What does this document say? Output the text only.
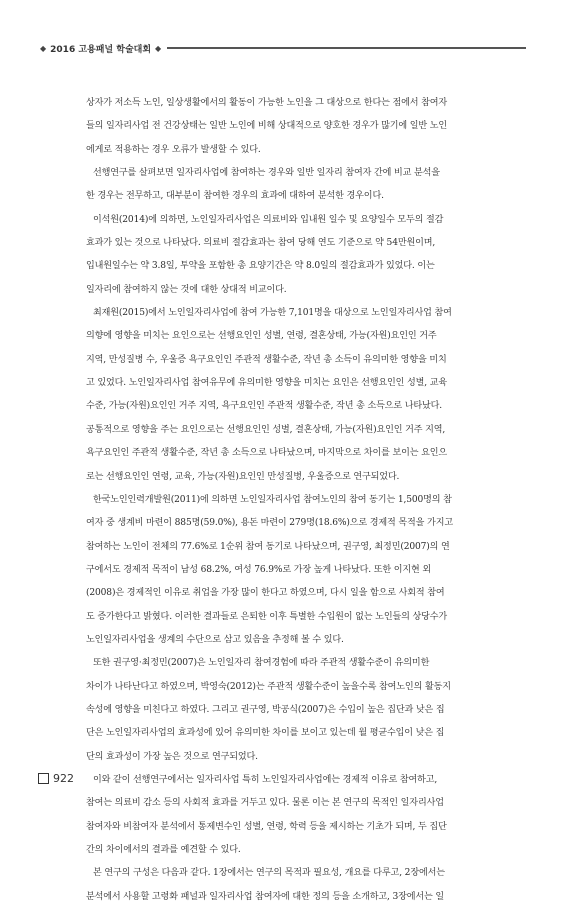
◆ 2016 고용패널 학술대회 ◆
상자가 저소득 노인, 일상생활에서의 활동이 가능한 노인을 그 대상으로 한다는 점에서 참여자
들의 일자리사업 전 건강상태는 일반 노인에 비해 상대적으로 양호한 경우가 많기에 일반 노인
에게로 적용하는 경우 오류가 발생할 수 있다.
선행연구를 살펴보면 일자리사업에 참여하는 경우와 일반 일자리 참여자 간에 비교 분석을
한 경우는 전무하고, 대부분이 참여한 경우의 효과에 대하여 분석한 경우이다.
이석원(2014)에 의하면, 노인일자리사업은 의료비와 입내원 일수 및 요양일수 모두의 절감
효과가 있는 것으로 나타났다. 의료비 절감효과는 참여 당해 연도 기준으로 약 54만원이며,
입내원일수는 약 3.8일, 투약을 포함한 총 요양기간은 약 8.0일의 절감효과가 있었다. 이는
일자리에 참여하지 않는 것에 대한 상대적 비교이다.
최재원(2015)에서 노인일자리사업에 참여 가능한 7,101명을 대상으로 노인일자리사업 참여
의향에 영향을 미치는 요인으로는 선행요인인 성별, 연령, 결혼상태, 가능(자원)요인인 거주
지역, 만성질병 수, 우울증 욕구요인인 주관적 생활수준, 작년 총 소득이 유의미한 영향을 미치
고 있었다. 노인일자리사업 참여유무에 유의미한 영향을 미치는 요인은 선행요인인 성별, 교육
수준, 가능(자원)요인인 거주 지역, 욕구요인인 주관적 생활수준, 작년 총 소득으로 나타났다.
공통적으로 영향을 주는 요인으로는 선행요인인 성별, 결혼상태, 가능(자원)요인인 거주 지역,
욕구요인인 주관적 생활수준, 작년 총 소득으로 나타났으며, 마지막으로 차이를 보이는 요인으
로는 선행요인인 연령, 교육, 가능(자원)요인인 만성질병, 우울증으로 연구되었다.
한국노인인력개발원(2011)에 의하면 노인일자리사업 참여노인의 참여 동기는 1,500명의 참
여자 중 생계비 마련이 885명(59.0%), 용돈 마련이 279명(18.6%)으로 경제적 목적을 가지고
참여하는 노인이 전체의 77.6%로 1순위 참여 동기로 나타났으며, 권구영, 최정민(2007)의 연
구에서도 경제적 목적이 남성 68.2%, 여성 76.9%로 가장 높게 나타났다. 또한 이지현 외
(2008)은 경제적인 이유로 취업을 가장 많이 한다고 하였으며, 다시 일을 함으로 사회적 참여
도 증가한다고 밝혔다. 이러한 결과들로 은퇴한 이후 특별한 수입원이 없는 노인들의 상당수가
노인일자리사업을 생계의 수단으로 삼고 있음을 추정해 볼 수 있다.
또한 권구영·최정민(2007)은 노인일자리 참여경험에 따라 주관적 생활수준이 유의미한
차이가 나타난다고 하였으며, 박영숙(2012)는 주관적 생활수준이 높을수록 참여노인의 활동지
속성에 영향을 미친다고 하였다. 그리고 권구영, 박공식(2007)은 수입이 높은 집단과 낮은 집
단은 노인일자리사업의 효과성에 있어 유의미한 차이를 보이고 있는데 월 평균수입이 낮은 집
단의 효과성이 가장 높은 것으로 연구되었다.
이와 같이 선행연구에서는 일자리사업 특히 노인일자리사업에는 경제적 이유로 참여하고,
참여는 의료비 감소 등의 사회적 효과를 거두고 있다. 물론 이는 본 연구의 목적인 일자리사업
참여자와 비참여자 분석에서 통제변수인 성별, 연령, 학력 등을 제시하는 기초가 되며, 두 집단
간의 차이에서의 결과를 예견할 수 있다.
본 연구의 구성은 다음과 같다. 1장에서는 연구의 목적과 필요성, 개요를 다루고, 2장에서는
분석에서 사용할 고령화 패널과 일자리사업 참여자에 대한 정의 등을 소개하고, 3장에서는 일
922
